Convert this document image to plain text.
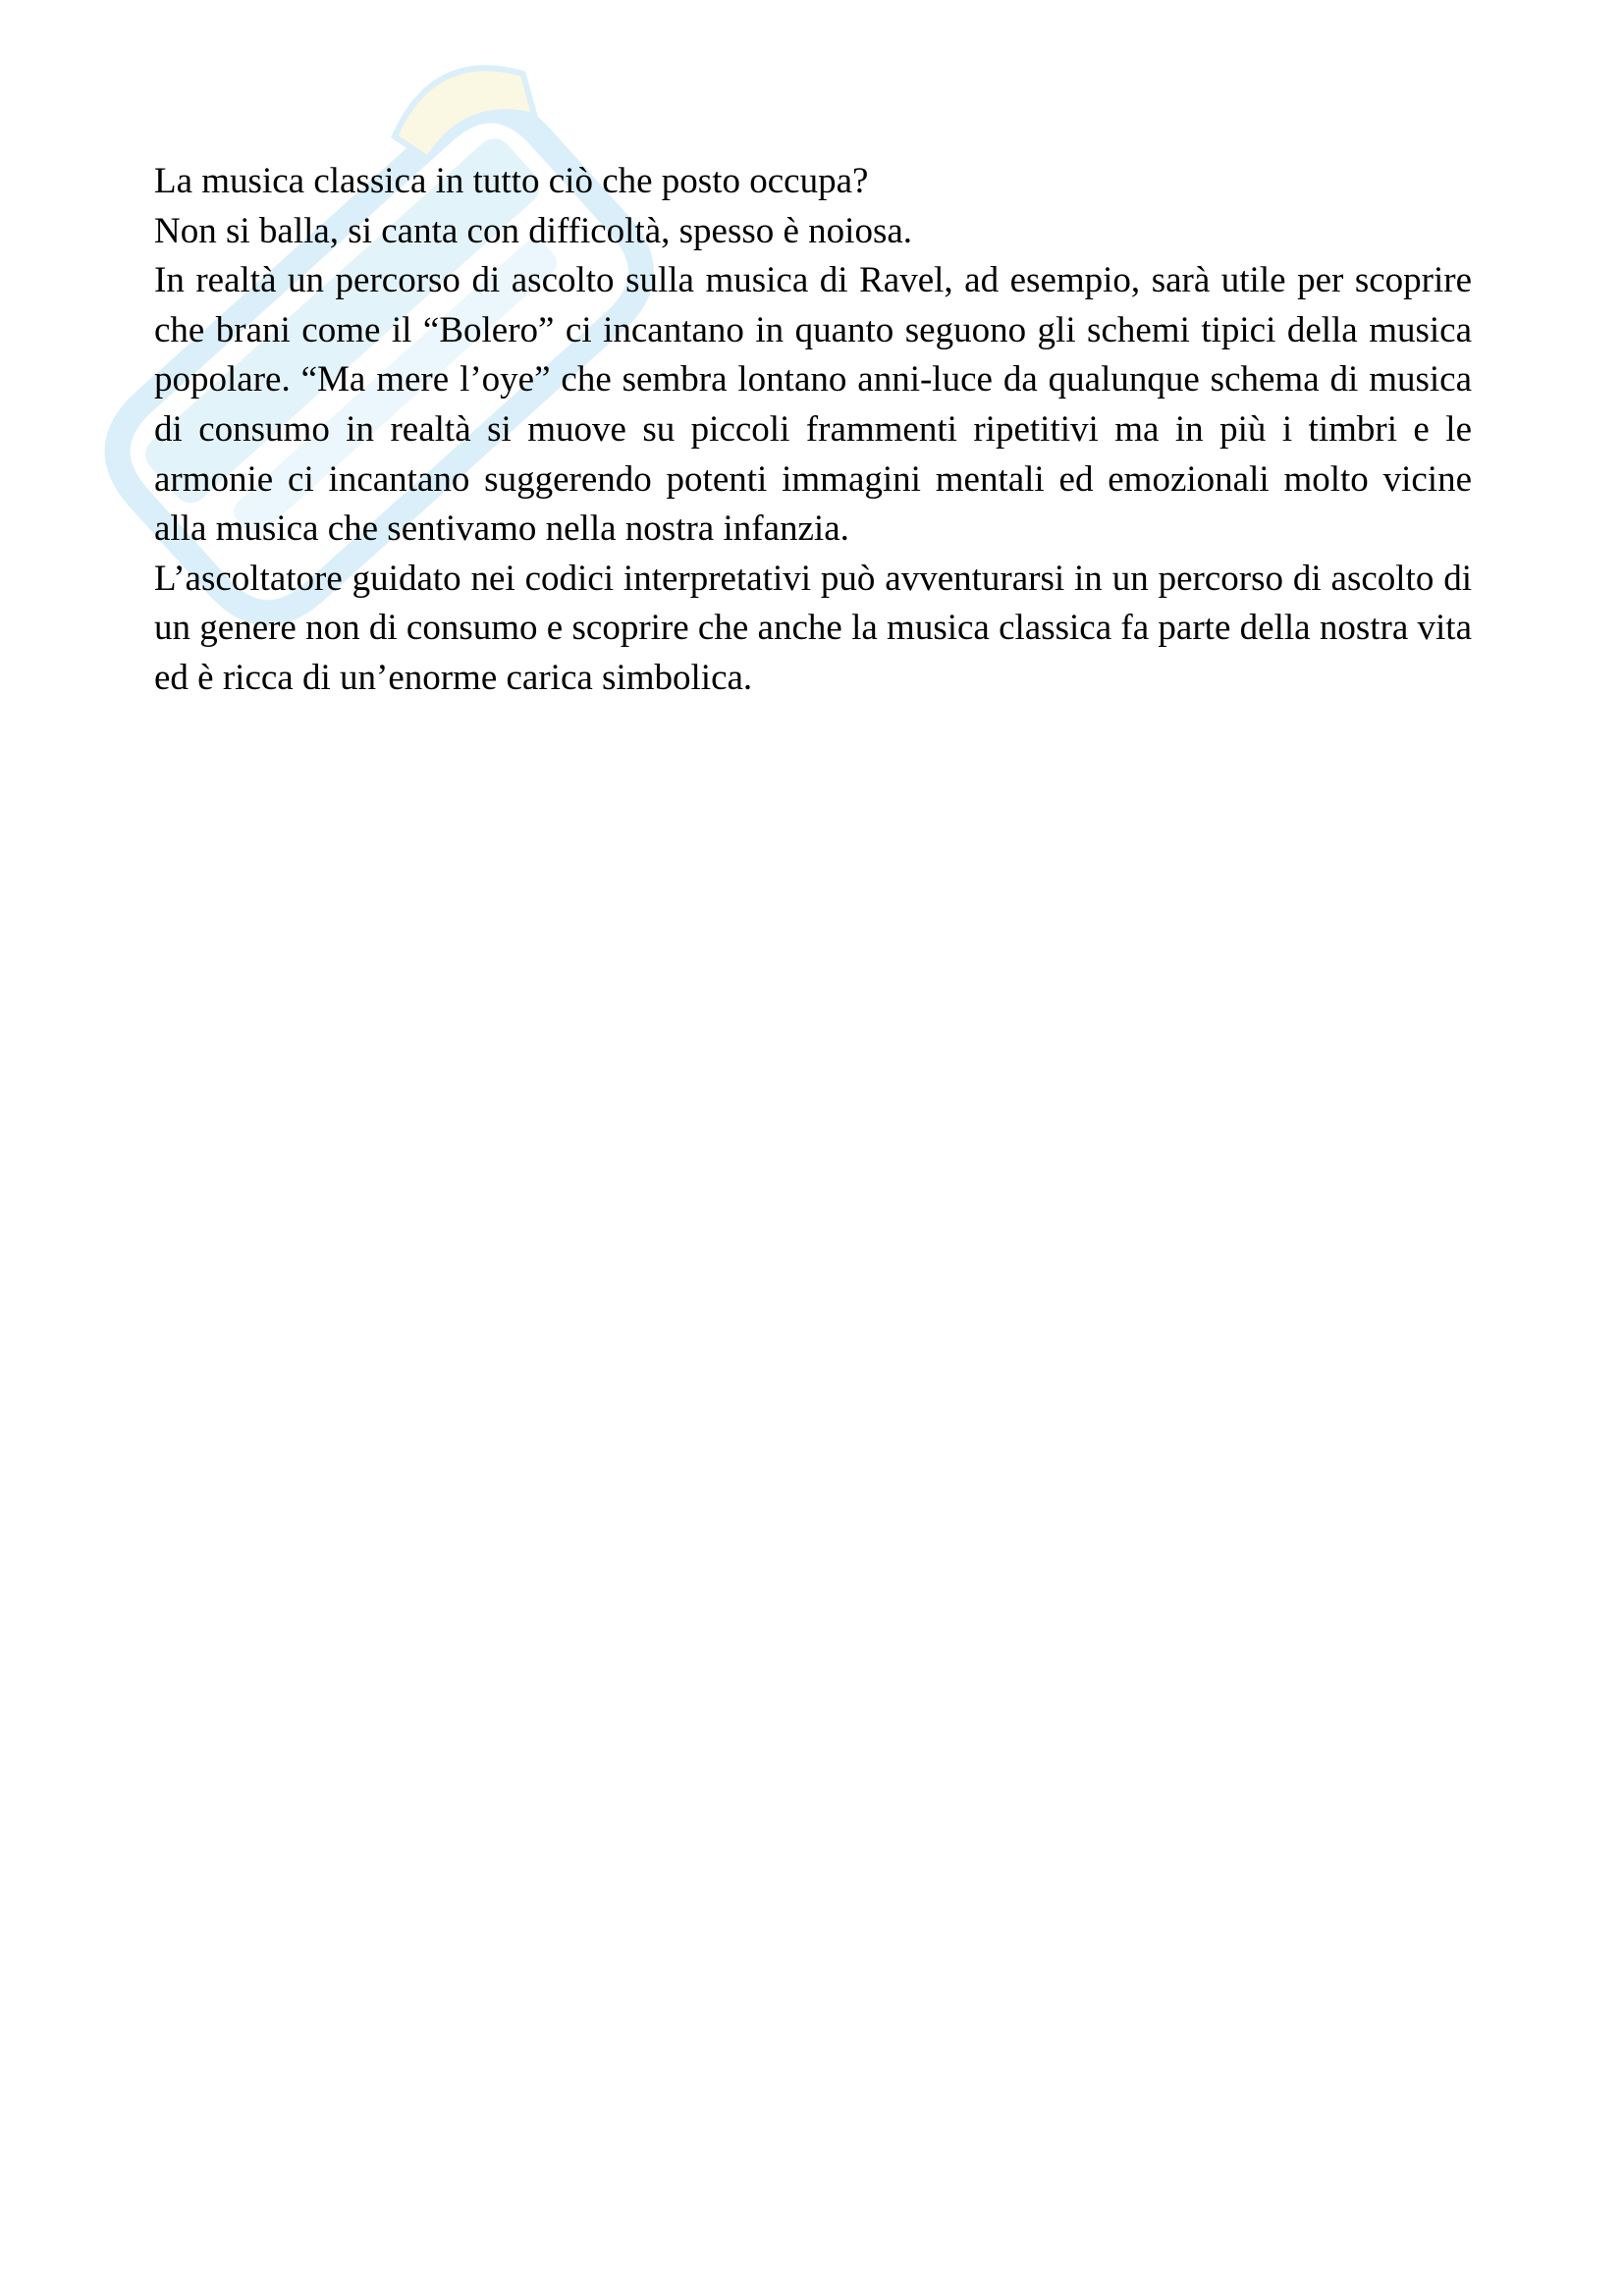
La musica classica in tutto ciò che posto occupa?

Non si balla, si canta con difficoltà, spesso è noiosa.

In realtà un percorso di ascolto sulla musica di Ravel, ad esempio, sarà utile per scoprire che brani come il “Bolero” ci incantano in quanto seguono gli schemi tipici della musica popolare. “Ma mere l’oye” che sembra lontano anni-luce da qualunque schema di musica di consumo in realtà si muove su piccoli frammenti ripetitivi ma in più i timbri e le armonie ci incantano suggerendo potenti immagini mentali ed emozionali molto vicine alla musica che sentivamo nella nostra infanzia.

L’ascoltatore guidato nei codici interpretativi può avventurarsi in un percorso di ascolto di un genere non di consumo e scoprire che anche la musica classica fa parte della nostra vita ed è ricca di un’enorme carica simbolica.
